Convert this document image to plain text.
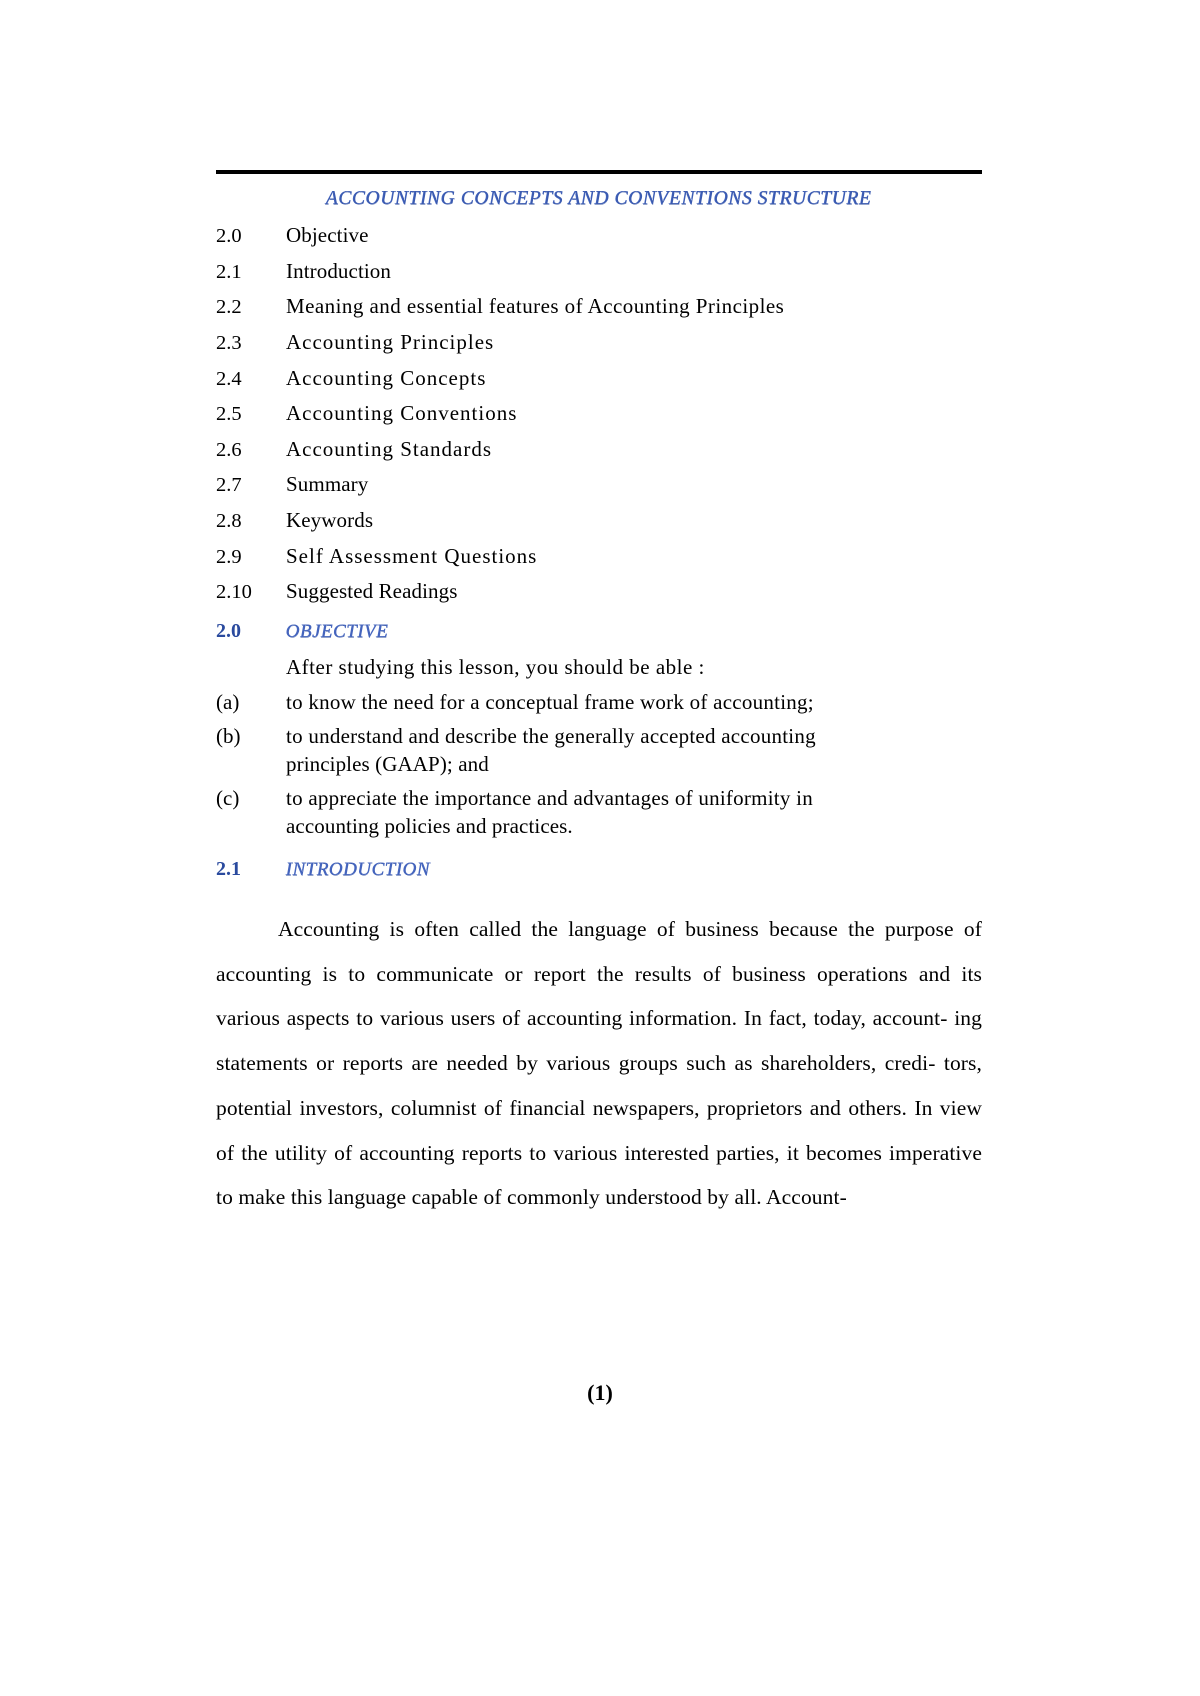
ACCOUNTING CONCEPTS AND CONVENTIONS STRUCTURE
2.0	Objective
2.1	Introduction
2.2	Meaning and essential features of Accounting Principles
2.3	Accounting Principles
2.4	Accounting Concepts
2.5	Accounting Conventions
2.6	Accounting Standards
2.7	Summary
2.8	Keywords
2.9	Self Assessment Questions
2.10	Suggested Readings
2.0	OBJECTIVE
After studying this lesson, you should be able :
(a)	to know the need for a conceptual frame work of accounting;
(b)	to understand and describe the generally accepted accounting
principles (GAAP); and
(c)	to appreciate the importance and advantages of uniformity in
accounting policies and practices.
2.1	INTRODUCTION

Accounting is often called the language of business because the purpose of accounting is to communicate or report the results of business operations and its various aspects to various users of accounting information. In fact, today, account- ing statements or reports are needed by various groups such as shareholders, credi- tors, potential investors, columnist of financial newspapers, proprietors and others. In view of the utility of accounting reports to various interested parties, it becomes imperative to make this language capable of commonly understood by all. Account-

(1)
